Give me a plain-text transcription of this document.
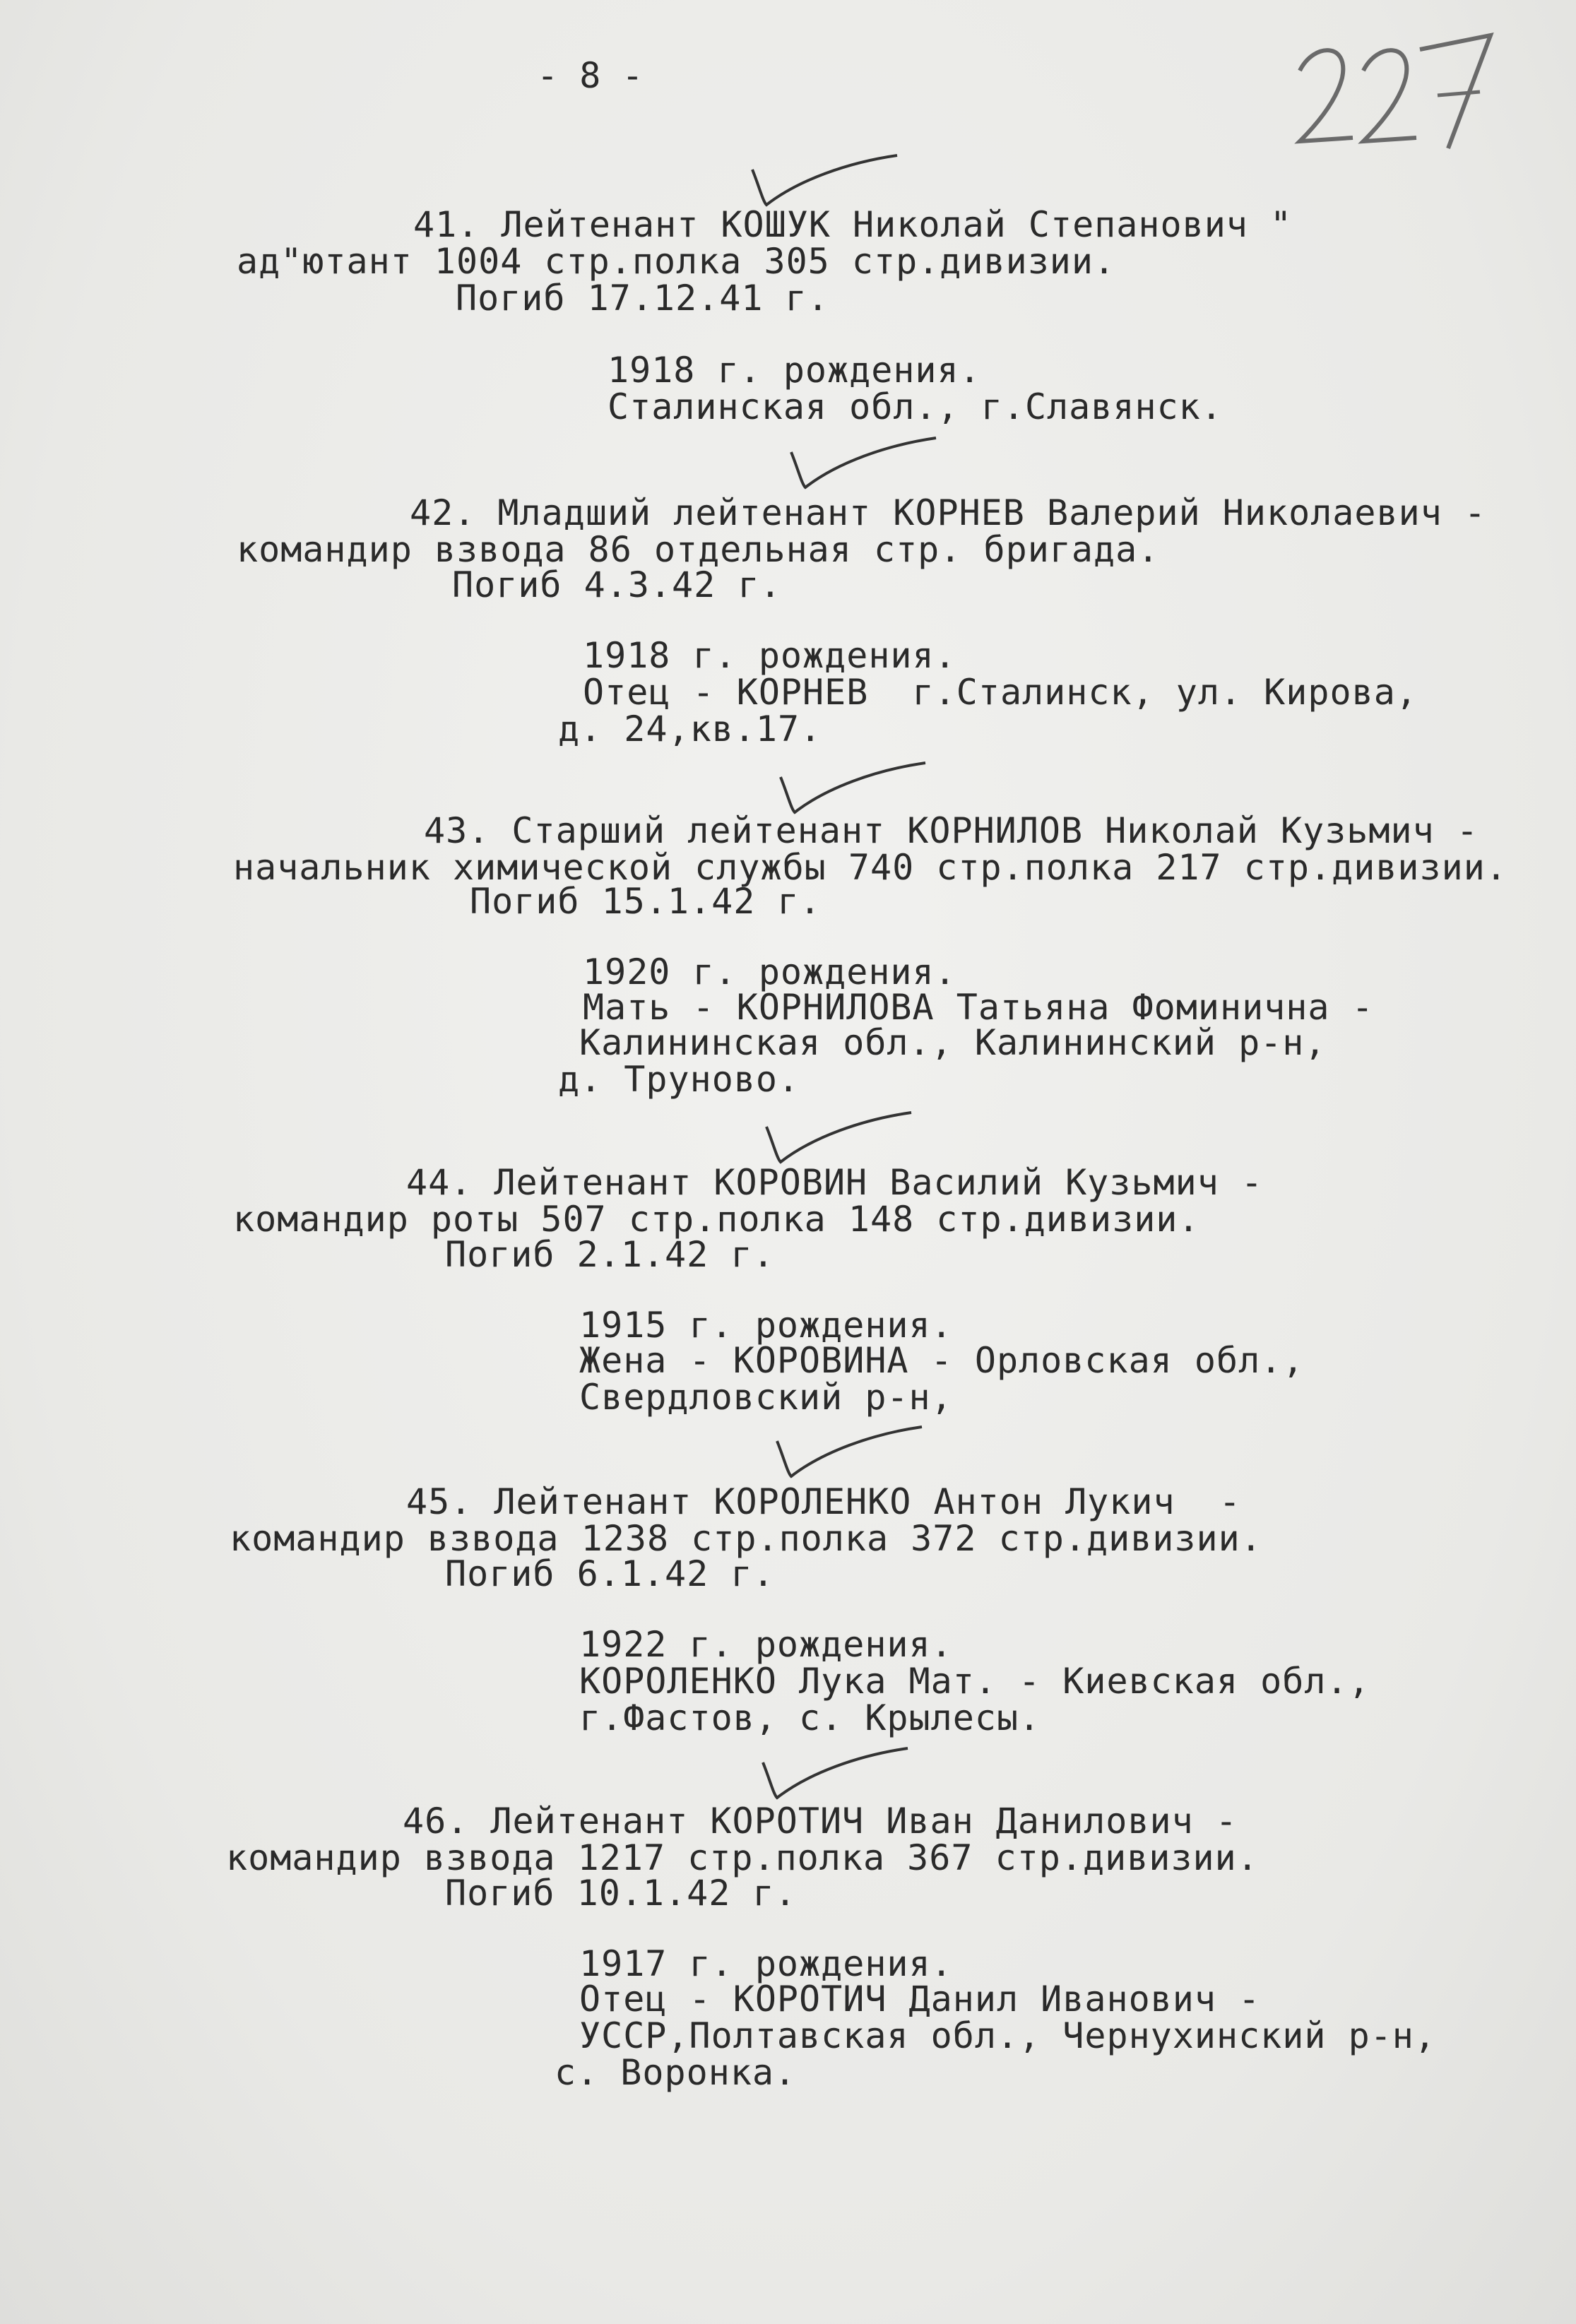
- 8 -
41. Лейтенант КОШУК Николай Степанович "
ад"ютант 1004 стр.полка 305 стр.дивизии.
Погиб 17.12.41 г.
1918 г. рождения.
Сталинская обл., г.Славянск.
42. Младший лейтенант КОРНЕВ Валерий Николаевич -
командир взвода 86 отдельная стр. бригада.
Погиб 4.3.42 г.
1918 г. рождения.
Отец - КОРНЕВ  г.Сталинск, ул. Кирова,
д. 24,кв.17.
43. Старший лейтенант КОРНИЛОВ Николай Кузьмич -
начальник химической службы 740 стр.полка 217 стр.дивизии.
Погиб 15.1.42 г.
1920 г. рождения.
Мать - КОРНИЛОВА Татьяна Фоминична -
Калининская обл., Калининский р-н,
д. Труново.
44. Лейтенант КОРОВИН Василий Кузьмич -
командир роты 507 стр.полка 148 стр.дивизии.
Погиб 2.1.42 г.
1915 г. рождения.
Жена - КОРОВИНА - Орловская обл.,
Свердловский р-н,
45. Лейтенант КОРОЛЕНКО Антон Лукич  -
командир взвода 1238 стр.полка 372 стр.дивизии.
Погиб 6.1.42 г.
1922 г. рождения.
КОРОЛЕНКО Лука Мат. - Киевская обл.,
г.Фастов, с. Крылесы.
46. Лейтенант КОРОТИЧ Иван Данилович -
командир взвода 1217 стр.полка 367 стр.дивизии.
Погиб 10.1.42 г.
1917 г. рождения.
Отец - КОРОТИЧ Данил Иванович -
УССР,Полтавская обл., Чернухинский р-н,
с. Воронка.
